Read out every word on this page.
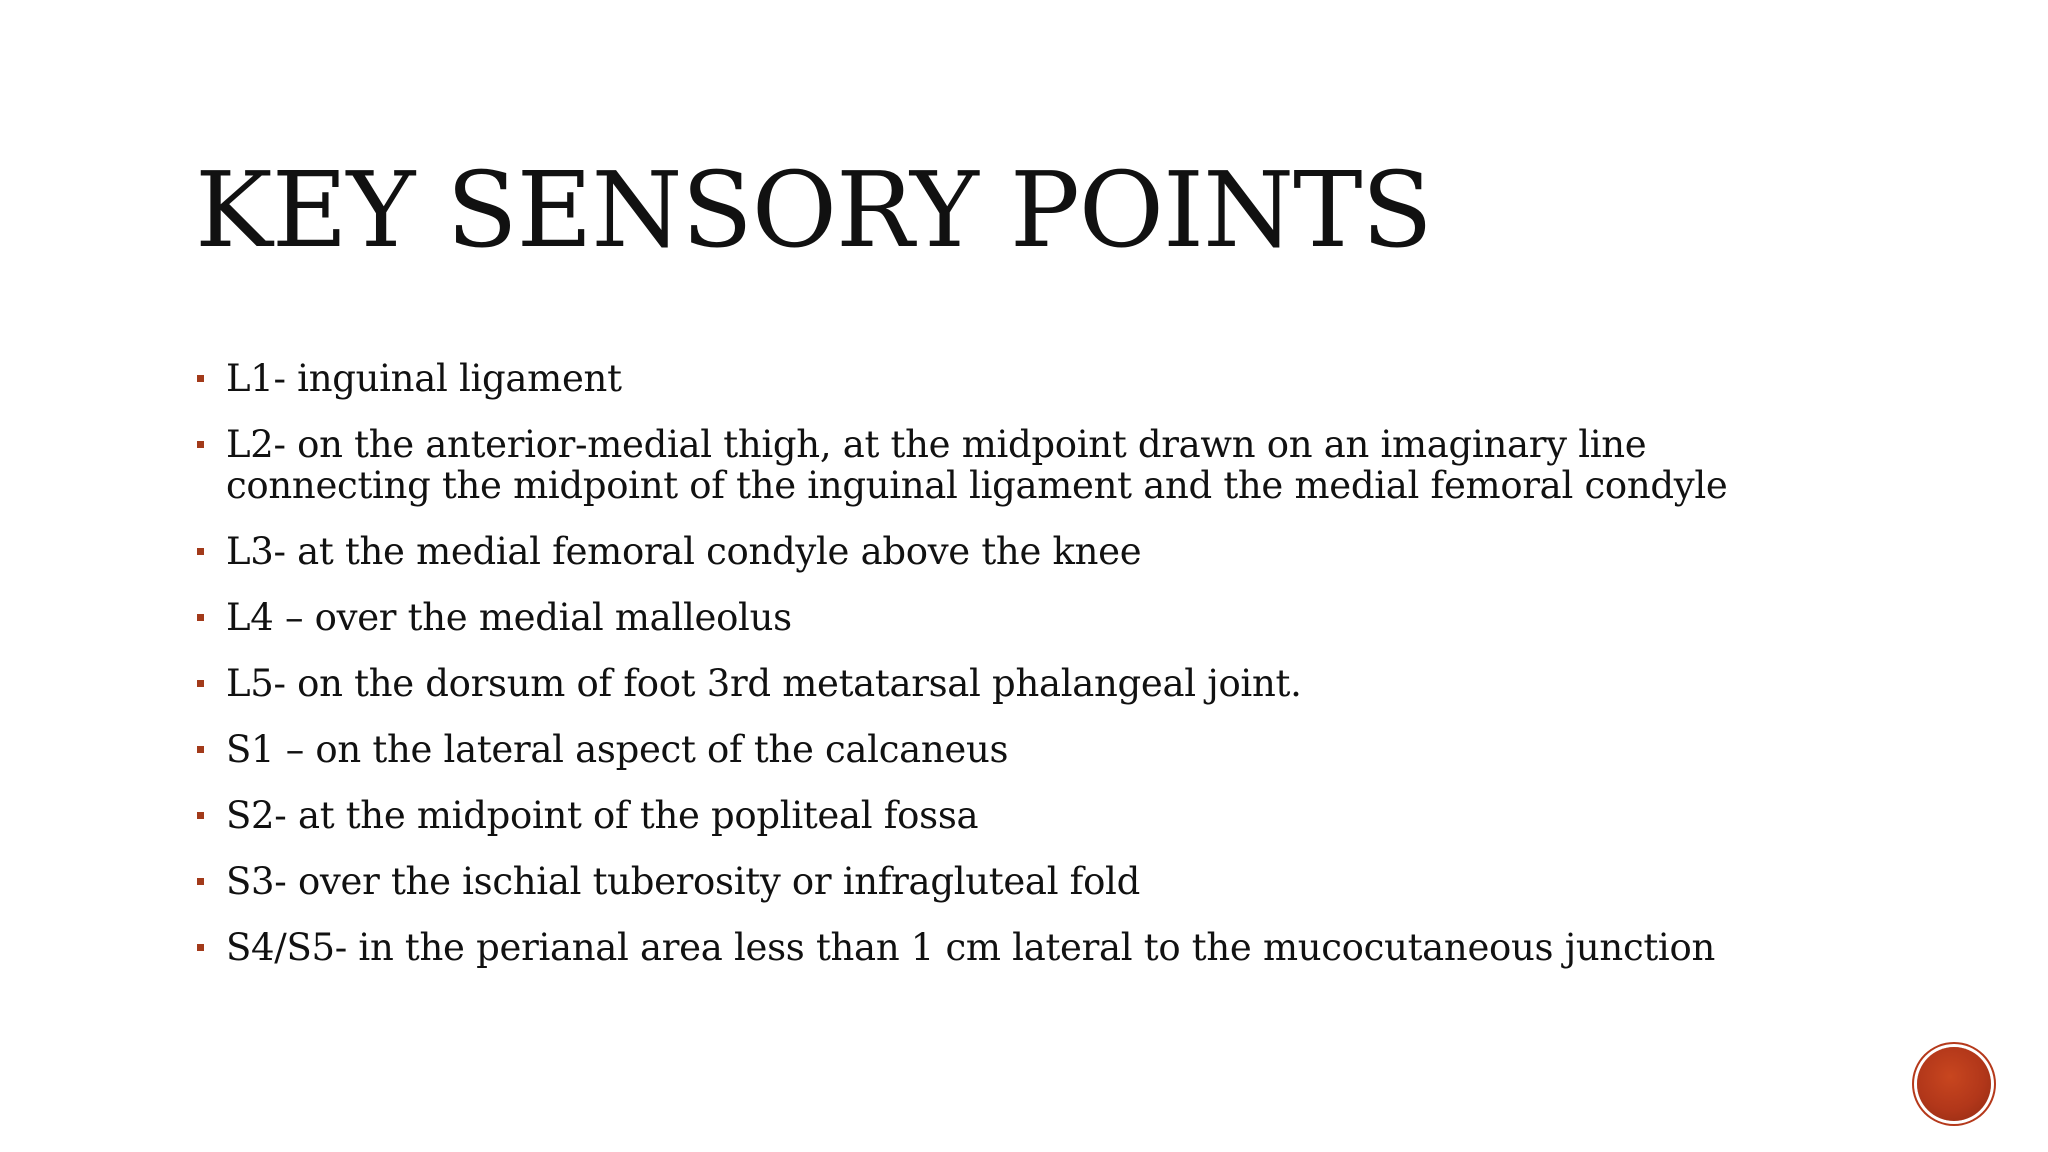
KEY SENSORY POINTS
L1- inguinal ligament
L2- on the anterior-medial thigh, at the midpoint drawn on an imaginary line connecting the midpoint of the inguinal ligament and the medial femoral condyle
L3- at the medial femoral condyle above the knee
L4 – over the medial malleolus
L5- on the dorsum of foot 3rd metatarsal phalangeal joint.
S1 – on the lateral aspect of the calcaneus
S2- at the midpoint of the popliteal fossa
S3- over the ischial tuberosity or infragluteal fold
S4/S5- in the perianal area less than 1 cm lateral to the mucocutaneous junction
